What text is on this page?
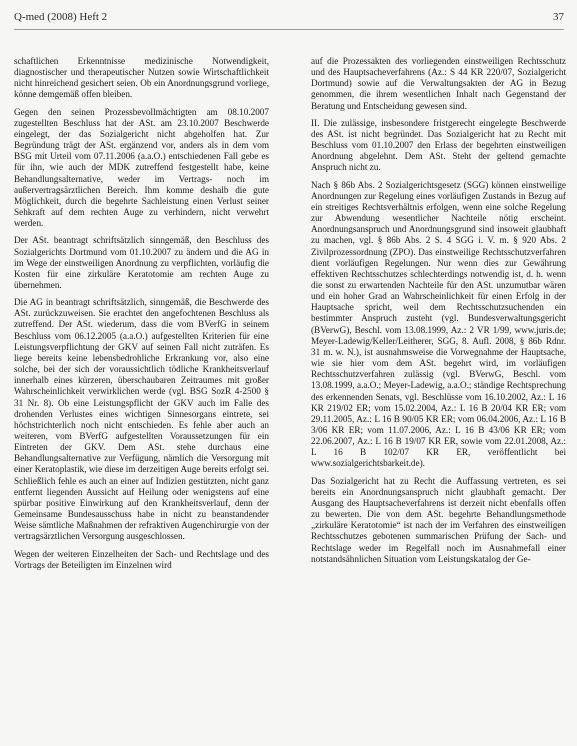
Q-med (2008) Heft 2	37

schaftlichen Erkenntnisse medizinische Notwendigkeit, diagnostischer und therapeutischer Nutzen sowie Wirtschaftlichkeit nicht hinreichend gesichert seien. Ob ein Anordnungsgrund vorliege, könne demgemäß offen bleiben.

Gegen den seinen Prozessbevollmächtigten am 08.10.2007 zugestellten Beschluss hat der ASt. am 23.10.2007 Beschwerde eingelegt, der das Sozialgericht nicht abgeholfen hat. Zur Begründung trägt der ASt. ergänzend vor, anders als in dem vom BSG mit Urteil vom 07.11.2006 (a.a.O.) entschiedenen Fall gebe es für ihn, wie auch der MDK zutreffend festgestellt habe, keine Behandlungsalternative, weder im Vertrags- noch im außervertragsärztlichen Bereich. Ihm komme deshalb die gute Möglichkeit, durch die begehrte Sachleistung einen Verlust seiner Sehkraft auf dem rechten Auge zu verhindern, nicht verwehrt werden.

Der ASt. beantragt schriftsätzlich sinngemäß, den Beschluss des Sozialgerichts Dortmund vom 01.10.2007 zu ändern und die AG in im Wege der einstweiligen Anordnung zu verpflichten, vorläufig die Kosten für eine zirkuläre Keratotomie am rechten Auge zu übernehmen.

Die AG in beantragt schriftsätzlich, sinngemäß, die Beschwerde des ASt. zurückzuweisen. Sie erachtet den angefochtenen Beschluss als zutreffend. Der ASt. wiederum, dass die vom BVerfG in seinem Beschluss vom 06.12.2005 (a.a.O.) aufgestellten Kriterien für eine Leistungsverpflichtung der GKV auf seinen Fall nicht zuträfen. Es liege bereits keine lebensbedrohliche Erkrankung vor, also eine solche, bei der sich der voraussichtlich tödliche Krankheitsverlauf innerhalb eines kürzeren, überschaubaren Zeitraumes mit großer Wahrscheinlichkeit verwirklichen werde (vgl. BSG SozR 4-2500 § 31 Nr. 8). Ob eine Leistungspflicht der GKV auch im Falle des drohenden Verlustes eines wichtigen Sinnesorgans eintrete, sei höchstrichterlich noch nicht entschieden. Es fehle aber auch an weiteren, vom BVerfG aufgestellten Voraussetzungen für ein Eintreten der GKV. Dem ASt. stehe durchaus eine Behandlungsalternative zur Verfügung, nämlich die Versorgung mit einer Keratoplastik, wie diese im derzeitigen Auge bereits erfolgt sei. Schließlich fehle es auch an einer auf Indizien gestützten, nicht ganz entfernt liegenden Aussicht auf Heilung oder wenigstens auf eine spürbar positive Einwirkung auf den Krankheitsverlauf, denn der Gemeinsame Bundesausschuss habe in nicht zu beanstandender Weise sämtliche Maßnahmen der refraktiven Augenchirurgie von der vertragsärztlichen Versorgung ausgeschlossen.

Wegen der weiteren Einzelheiten der Sach- und Rechtslage und des Vortrags der Beteiligten im Einzelnen wird

auf die Prozessakten des vorliegenden einstweiligen Rechtsschutz und des Hauptsacheverfahrens (Az.: S 44 KR 220/07, Sozialgericht Dortmund) sowie auf die Verwaltungsakten der AG in Bezug genommen, die ihrem wesentlichen Inhalt nach Gegenstand der Beratung und Entscheidung gewesen sind.

II. Die zulässige, insbesondere fristgerecht eingelegte Beschwerde des ASt. ist nicht begründet. Das Sozialgericht hat zu Recht mit Beschluss vom 01.10.2007 den Erlass der begehrten einstweiligen Anordnung abgelehnt. Dem ASt. Steht der geltend gemachte Anspruch nicht zu.

Nach § 86b Abs. 2 Sozialgerichtsgesetz (SGG) können einstweilige Anordnungen zur Regelung eines vorläufigen Zustands in Bezug auf ein streitiges Rechtsverhältnis erfolgen, wenn eine solche Regelung zur Abwendung wesentlicher Nachteile nötig erscheint. Anordnungsanspruch und Anordnungsgrund sind insoweit glaubhaft zu machen, vgl. § 86b Abs. 2 S. 4 SGG i. V. m. § 920 Abs. 2 Zivilprozessordnung (ZPO). Das einstweilige Rechtsschutzverfahren dient vorläufigen Regelungen. Nur wenn dies zur Gewährung effektiven Rechtsschutzes schlechterdings notwendig ist, d. h. wenn die sonst zu erwartenden Nachteile für den ASt. unzumutbar wären und ein hoher Grad an Wahrscheinlichkeit für einen Erfolg in der Hauptsache spricht, weil dem Rechtsschutzsuchenden ein bestimmter Anspruch zusteht (vgl. Bundesverwaltungsgericht (BVerwG), Beschl. vom 13.08.1999, Az.: 2 VR 1/99, www.juris.de; Meyer-Ladewig/Keller/Leitherer, SGG, 8. Aufl. 2008, § 86b Rdnr. 31 m. w. N.), ist ausnahmsweise die Vorwegnahme der Hauptsache, wie sie hier vom dem ASt. begehrt wird, im vorläufigen Rechtsschutzverfahren zulässig (vgl. BVerwG, Beschl. vom 13.08.1999, a.a.O.; Meyer-Ladewig, a.a.O.; ständige Rechtsprechung des erkennenden Senats, vgl. Beschlüsse vom 16.10.2002, Az.: L 16 KR 219/02 ER; vom 15.02.2004, Az.: L 16 B 20/04 KR ER; vom 29.11.2005, Az.: L 16 B 90/05 KR ER; vom 06.04.2006, Az.: L 16 B 3/06 KR ER; vom 11.07.2006, Az.: L 16 B 43/06 KR ER; vom 22.06.2007, Az.: L 16 B 19/07 KR ER, sowie vom 22.01.2008, Az.: L 16 B 102/07 KR ER, veröffentlicht bei www.sozialgerichtsbarkeit.de).

Das Sozialgericht hat zu Recht die Auffassung vertreten, es sei bereits ein Anordnungsanspruch nicht glaubhaft gemacht. Der Ausgang des Hauptsacheverfahrens ist derzeit nicht ebenfalls offen zu bewerten. Die von dem ASt. begehrte Behandlungsmethode „zirkuläre Keratotomie“ ist nach der im Verfahren des einstweiligen Rechtsschutzes gebotenen summarischen Prüfung der Sach- und Rechtslage weder im Regelfall noch im Ausnahmefall einer notstandsähnlichen Situation vom Leistungskatalog der Ge-
